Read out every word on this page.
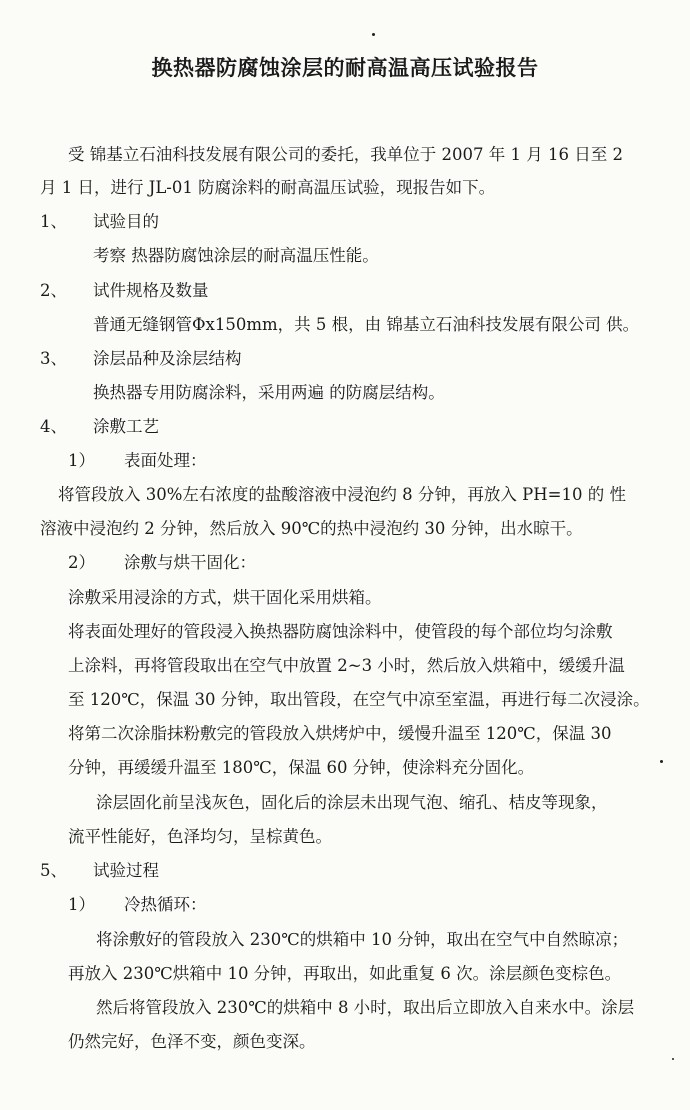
换热器防腐蚀涂层的耐高温高压试验报告
受 锦基立石油科技发展有限公司的委托，我单位于 2007 年 1 月 16 日至 2
月 1 日，进行 JL-01 防腐涂料的耐高温压试验，现报告如下。
1、 试验目的
考察 热器防腐蚀涂层的耐高温压性能。
2、 试件规格及数量
普通无缝钢管Φx150mm，共 5 根，由 锦基立石油科技发展有限公司 供。
3、 涂层品种及涂层结构
换热器专用防腐涂料，采用两遍 的防腐层结构。
4、 涂敷工艺
1） 表面处理：
将管段放入 30%左右浓度的盐酸溶液中浸泡约 8 分钟，再放入 PH=10 的 性
溶液中浸泡约 2 分钟，然后放入 90℃的热中浸泡约 30 分钟，出水晾干。
2） 涂敷与烘干固化：
涂敷采用浸涂的方式，烘干固化采用烘箱。
将表面处理好的管段浸入换热器防腐蚀涂料中，使管段的每个部位均匀涂敷
上涂料，再将管段取出在空气中放置 2~3 小时，然后放入烘箱中，缓缓升温
至 120℃，保温 30 分钟，取出管段，在空气中凉至室温，再进行每二次浸涂。
将第二次涂脂抹粉敷完的管段放入烘烤炉中，缓慢升温至 120℃，保温 30
分钟，再缓缓升温至 180℃，保温 60 分钟，使涂料充分固化。
涂层固化前呈浅灰色，固化后的涂层未出现气泡、缩孔、桔皮等现象，
流平性能好，色泽均匀，呈棕黄色。
5、 试验过程
1） 冷热循环：
将涂敷好的管段放入 230℃的烘箱中 10 分钟，取出在空气中自然晾凉；
再放入 230℃烘箱中 10 分钟，再取出，如此重复 6 次。涂层颜色变棕色。
然后将管段放入 230℃的烘箱中 8 小时，取出后立即放入自来水中。涂层
仍然完好，色泽不变，颜色变深。
